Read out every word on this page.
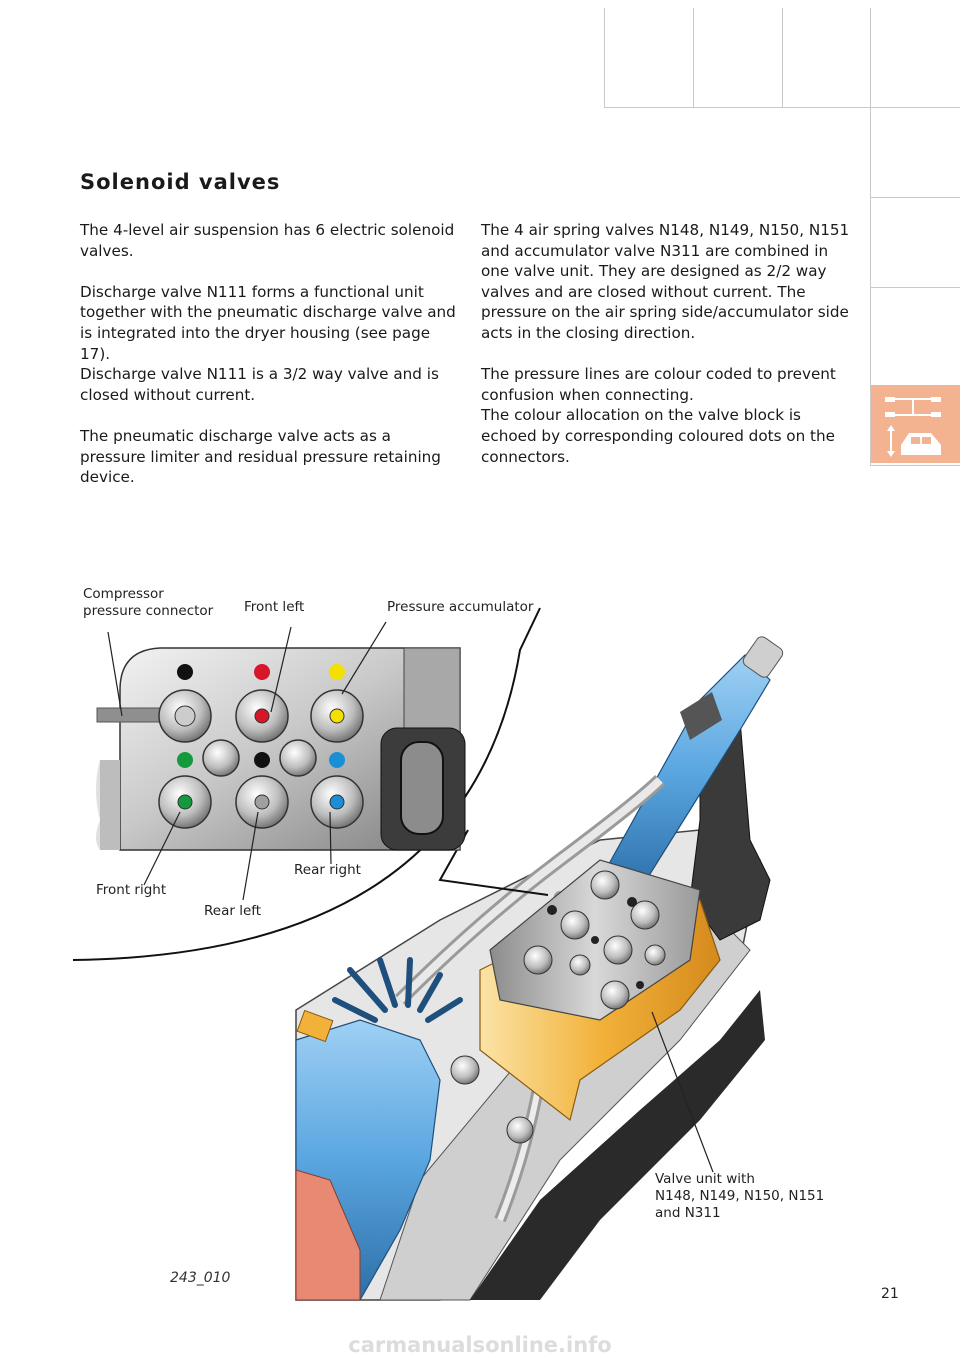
Solenoid valves

The 4-level air suspension has 6 electric solenoid valves.

Discharge valve N111 forms a functional unit together with the pneumatic discharge valve and is integrated into the dryer housing (see page 17).

Discharge valve N111 is a 3/2 way valve and is closed without current.

The pneumatic discharge valve acts as a pressure limiter and residual pressure retaining device.

The 4 air spring valves N148, N149, N150, N151 and accumulator valve N311 are combined in one valve unit. They are designed as 2/2 way valves and are closed without current. The pressure on the air spring side/accumulator side acts in the closing direction.

The pressure lines are colour coded to prevent confusion when connecting.

The colour allocation on the valve block is echoed by corresponding coloured dots on the connectors.

Compressor
pressure connector Front left	Pressure accumulator
Front right
Rear left
Rear right
Valve unit with
N148, N149, N150, N151
and N311
243_010
21
carmanualsonline.info
